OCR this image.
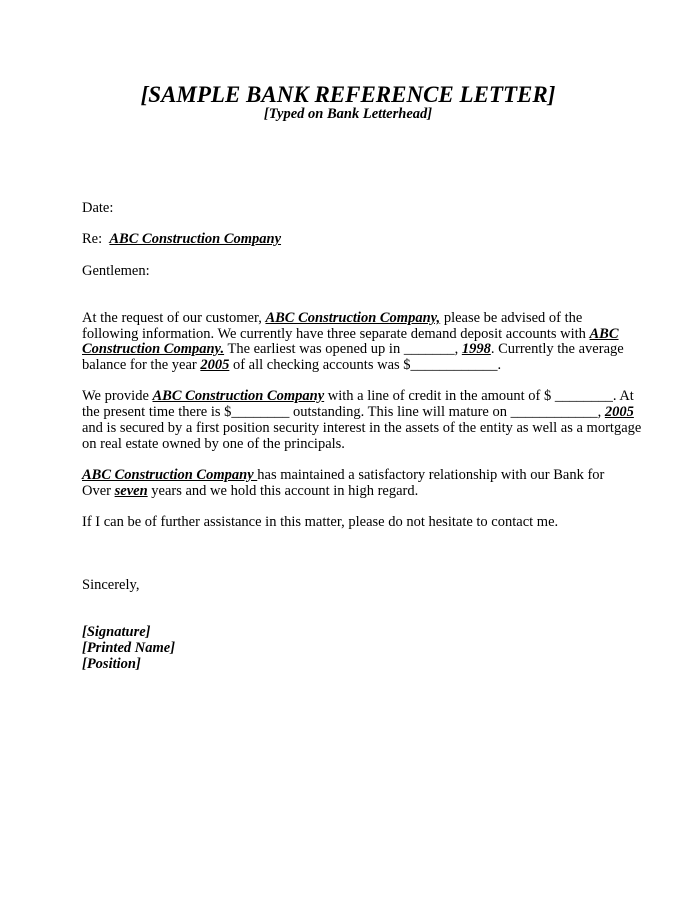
[SAMPLE BANK REFERENCE LETTER]
[Typed on Bank Letterhead]
Date:
Re: ABC Construction Company
Gentlemen:
At the request of our customer, ABC Construction Company, please be advised of the
following information. We currently have three separate demand deposit accounts with ABC
Construction Company. The earliest was opened up in _______, 1998. Currently the average
balance for the year 2005 of all checking accounts was $____________.
We provide ABC Construction Company with a line of credit in the amount of $ ________. At
the present time there is $________ outstanding. This line will mature on ____________, 2005
and is secured by a first position security interest in the assets of the entity as well as a mortgage
on real estate owned by one of the principals.
ABC Construction Company has maintained a satisfactory relationship with our Bank for
Over seven years and we hold this account in high regard.
If I can be of further assistance in this matter, please do not hesitate to contact me.
Sincerely,
[Signature]
[Printed Name]
[Position]
